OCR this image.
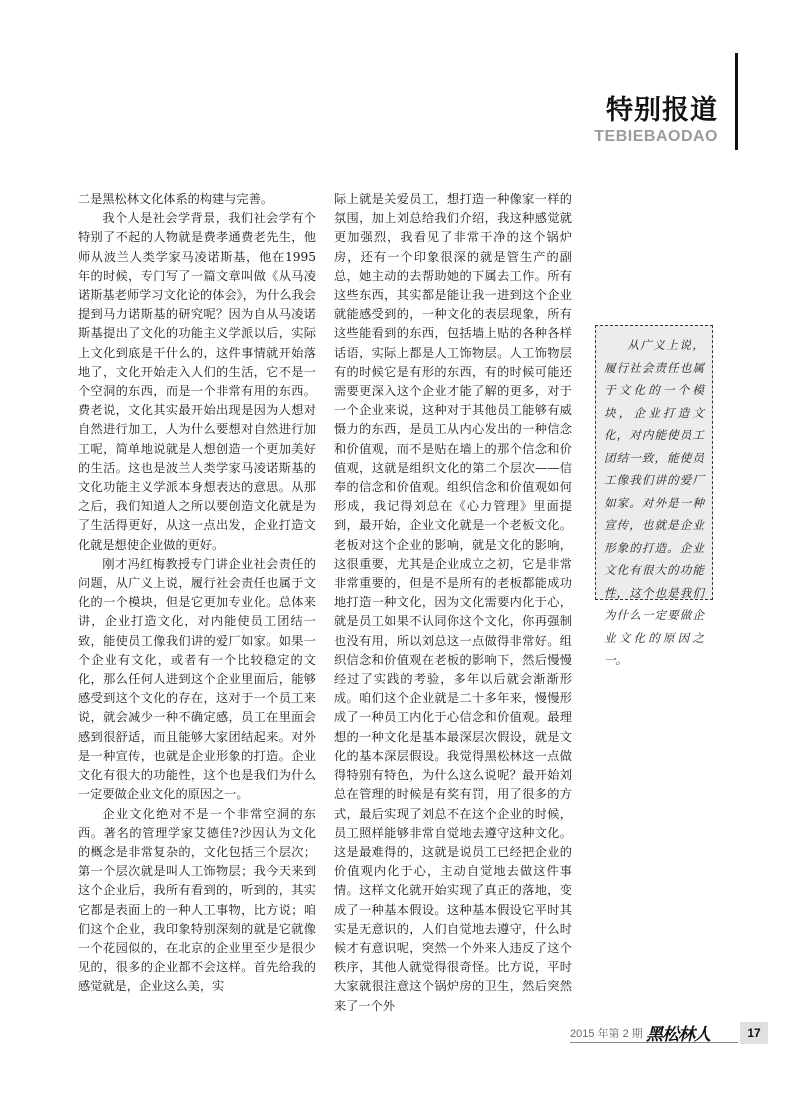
特别报道
TEBIEBAODAO

二是黑松林文化体系的构建与完善。

我个人是社会学背景，我们社会学有个特别了不起的人物就是费孝通费老先生，他师从波兰人类学家马凌诺斯基，他在1995年的时候，专门写了一篇文章叫做《从马凌诺斯基老师学习文化论的体会》，为什么我会提到马力诺斯基的研究呢？因为自从马凌诺斯基提出了文化的功能主义学派以后，实际上文化到底是干什么的，这件事情就开始落地了，文化开始走入人们的生活，它不是一个空洞的东西，而是一个非常有用的东西。费老说，文化其实最开始出现是因为人想对自然进行加工，人为什么要想对自然进行加工呢，简单地说就是人想创造一个更加美好的生活。这也是波兰人类学家马凌诺斯基的文化功能主义学派本身想表达的意思。从那之后，我们知道人之所以要创造文化就是为了生活得更好，从这一点出发，企业打造文化就是想使企业做的更好。

刚才冯红梅教授专门讲企业社会责任的问题，从广义上说，履行社会责任也属于文化的一个模块，但是它更加专业化。总体来讲，企业打造文化，对内能使员工团结一致，能使员工像我们讲的爱厂如家。如果一个企业有文化，或者有一个比较稳定的文化，那么任何人进到这个企业里面后，能够感受到这个文化的存在，这对于一个员工来说，就会减少一种不确定感，员工在里面会感到很舒适，而且能够大家团结起来。对外是一种宣传，也就是企业形象的打造。企业文化有很大的功能性，这个也是我们为什么一定要做企业文化的原因之一。

企业文化绝对不是一个非常空洞的东西。著名的管理学家艾德佳?沙因认为文化的概念是非常复杂的，文化包括三个层次；第一个层次就是叫人工饰物层；我今天来到这个企业后，我所有看到的，听到的，其实它都是表面上的一种人工事物，比方说；咱们这个企业，我印象特别深刻的就是它就像一个花园似的，在北京的企业里至少是很少见的，很多的企业都不会这样。首先给我的感觉就是，企业这么美，实

际上就是关爱员工，想打造一种像家一样的氛围，加上刘总给我们介绍，我这种感觉就更加强烈，我看见了非常干净的这个锅炉房，还有一个印象很深的就是管生产的副总，她主动的去帮助她的下属去工作。所有这些东西，其实都是能让我一进到这个企业就能感受到的，一种文化的表层现象，所有这些能看到的东西，包括墙上贴的各种各样话语，实际上都是人工饰物层。人工饰物层有的时候它是有形的东西，有的时候可能还需要更深入这个企业才能了解的更多，对于一个企业来说，这种对于其他员工能够有威慑力的东西，是员工从内心发出的一种信念和价值观，而不是贴在墙上的那个信念和价值观，这就是组织文化的第二个层次——信奉的信念和价值观。组织信念和价值观如何形成，我记得刘总在《心力管理》里面提到，最开始，企业文化就是一个老板文化。老板对这个企业的影响，就是文化的影响，这很重要，尤其是企业成立之初，它是非常非常重要的，但是不是所有的老板都能成功地打造一种文化，因为文化需要内化于心，就是员工如果不认同你这个文化，你再强制也没有用，所以刘总这一点做得非常好。组织信念和价值观在老板的影响下，然后慢慢经过了实践的考验，多年以后就会渐渐形成。咱们这个企业就是二十多年来，慢慢形成了一种员工内化于心信念和价值观。最理想的一种文化是基本最深层次假设，就是文化的基本深层假设。我觉得黑松林这一点做得特别有特色，为什么这么说呢？最开始刘总在管理的时候是有奖有罚，用了很多的方式，最后实现了刘总不在这个企业的时候，员工照样能够非常自觉地去遵守这种文化。这是最难得的，这就是说员工已经把企业的价值观内化于心，主动自觉地去做这件事情。这样文化就开始实现了真正的落地，变成了一种基本假设。这种基本假设它平时其实是无意识的，人们自觉地去遵守，什么时候才有意识呢，突然一个外来人违反了这个秩序，其他人就觉得很奇怪。比方说，平时大家就很注意这个锅炉房的卫生，然后突然来了一个外

从广义上说，履行社会责任也属于文化的一个模块，企业打造文化，对内能使员工团结一致，能使员工像我们讲的爱厂如家。对外是一种宣传，也就是企业形象的打造。企业文化有很大的功能性，这个也是我们为什么一定要做企业文化的原因之一。
2015 年第 2 期 黑松林人	17
